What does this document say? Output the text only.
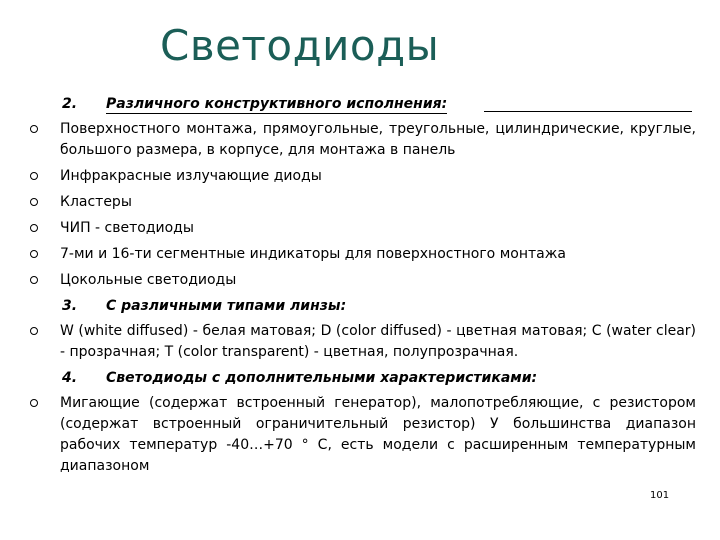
Светодиоды
2. Различного конструктивного исполнения:
Поверхностного монтажа, прямоугольные, треугольные, цилиндрические, круглые, большого размера, в корпусе, для монтажа в панель
Инфракрасные излучающие диоды
Кластеры
ЧИП - светодиоды
7-ми и 16-ти сегментные индикаторы для поверхностного монтажа
Цокольные светодиоды
3. С различными типами линзы:
W (white diffused) - белая матовая; D (color diffused) - цветная матовая; C (water clear) - прозрачная; T (color transparent) - цветная, полупрозрачная.
4. Светодиоды с дополнительными характеристиками:
Мигающие (содержат встроенный генератор), малопотребляющие, с резистором (содержат встроенный ограничительный резистор) У большинства диапазон рабочих температур -40…+70 ° С, есть модели с расширенным температурным диапазоном
101
